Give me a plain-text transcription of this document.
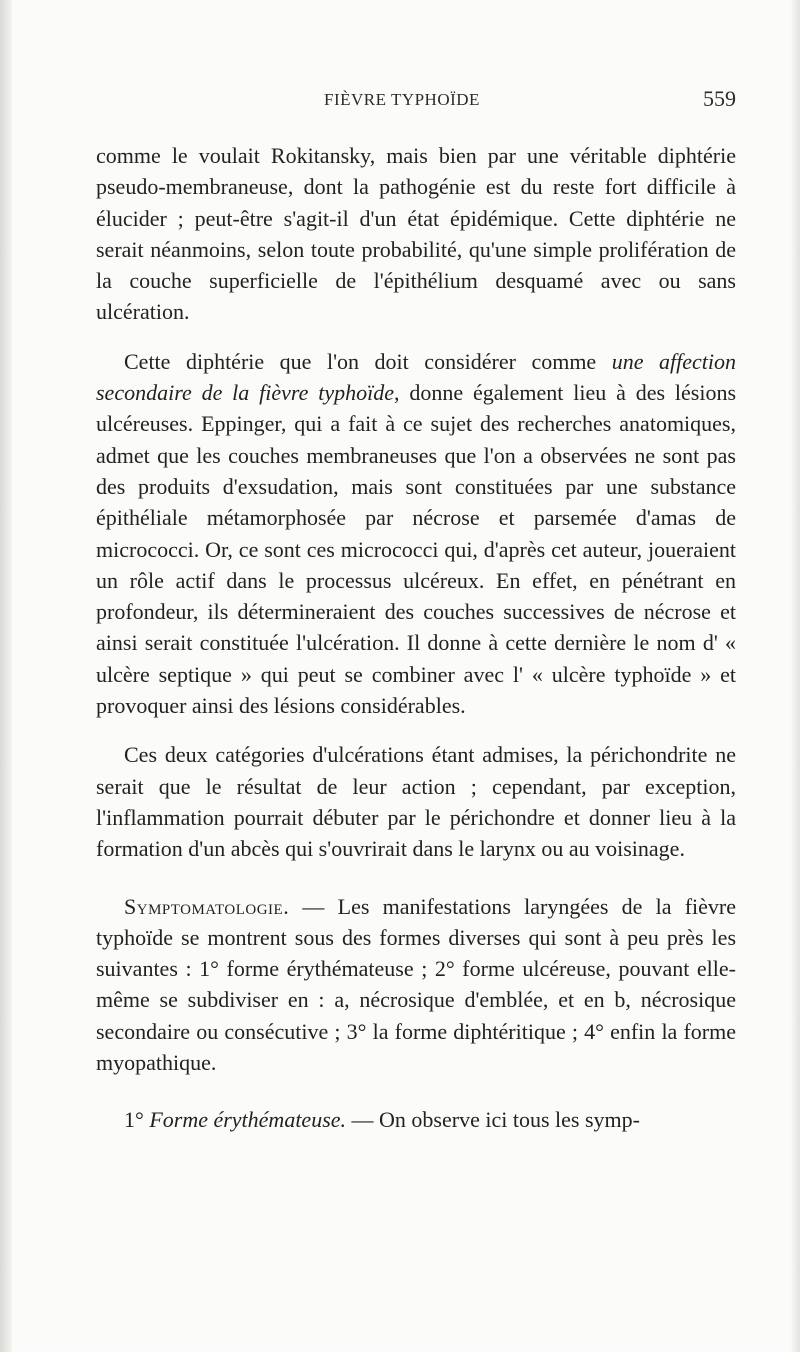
FIÈVRE TYPHOÏDE	559

comme le voulait Rokitansky, mais bien par une véritable diphtérie pseudo-membraneuse, dont la pathogénie est du reste fort difficile à élucider ; peut-être s'agit-il d'un état épidémique. Cette diphtérie ne serait néanmoins, selon toute probabilité, qu'une simple prolifération de la couche superficielle de l'épithélium desquamé avec ou sans ulcération.

Cette diphtérie que l'on doit considérer comme une affection secondaire de la fièvre typhoïde, donne également lieu à des lésions ulcéreuses. Eppinger, qui a fait à ce sujet des recherches anatomiques, admet que les couches membraneuses que l'on a observées ne sont pas des produits d'exsudation, mais sont constituées par une substance épithéliale métamorphosée par nécrose et parsemée d'amas de micrococci. Or, ce sont ces micrococci qui, d'après cet auteur, joueraient un rôle actif dans le processus ulcéreux. En effet, en pénétrant en profondeur, ils détermineraient des couches successives de nécrose et ainsi serait constituée l'ulcération. Il donne à cette dernière le nom d' « ulcère septique » qui peut se combiner avec l' « ulcère typhoïde » et provoquer ainsi des lésions considérables.

Ces deux catégories d'ulcérations étant admises, la périchondrite ne serait que le résultat de leur action ; cependant, par exception, l'inflammation pourrait débuter par le périchondre et donner lieu à la formation d'un abcès qui s'ouvrirait dans le larynx ou au voisinage.

Symptomatologie. — Les manifestations laryngées de la fièvre typhoïde se montrent sous des formes diverses qui sont à peu près les suivantes : 1° forme érythémateuse ; 2° forme ulcéreuse, pouvant elle-même se subdiviser en : a, nécrosique d'emblée, et en b, nécrosique secondaire ou consécutive ; 3° la forme diphtéritique ; 4° enfin la forme myopathique.

1° Forme érythémateuse. — On observe ici tous les symp-
